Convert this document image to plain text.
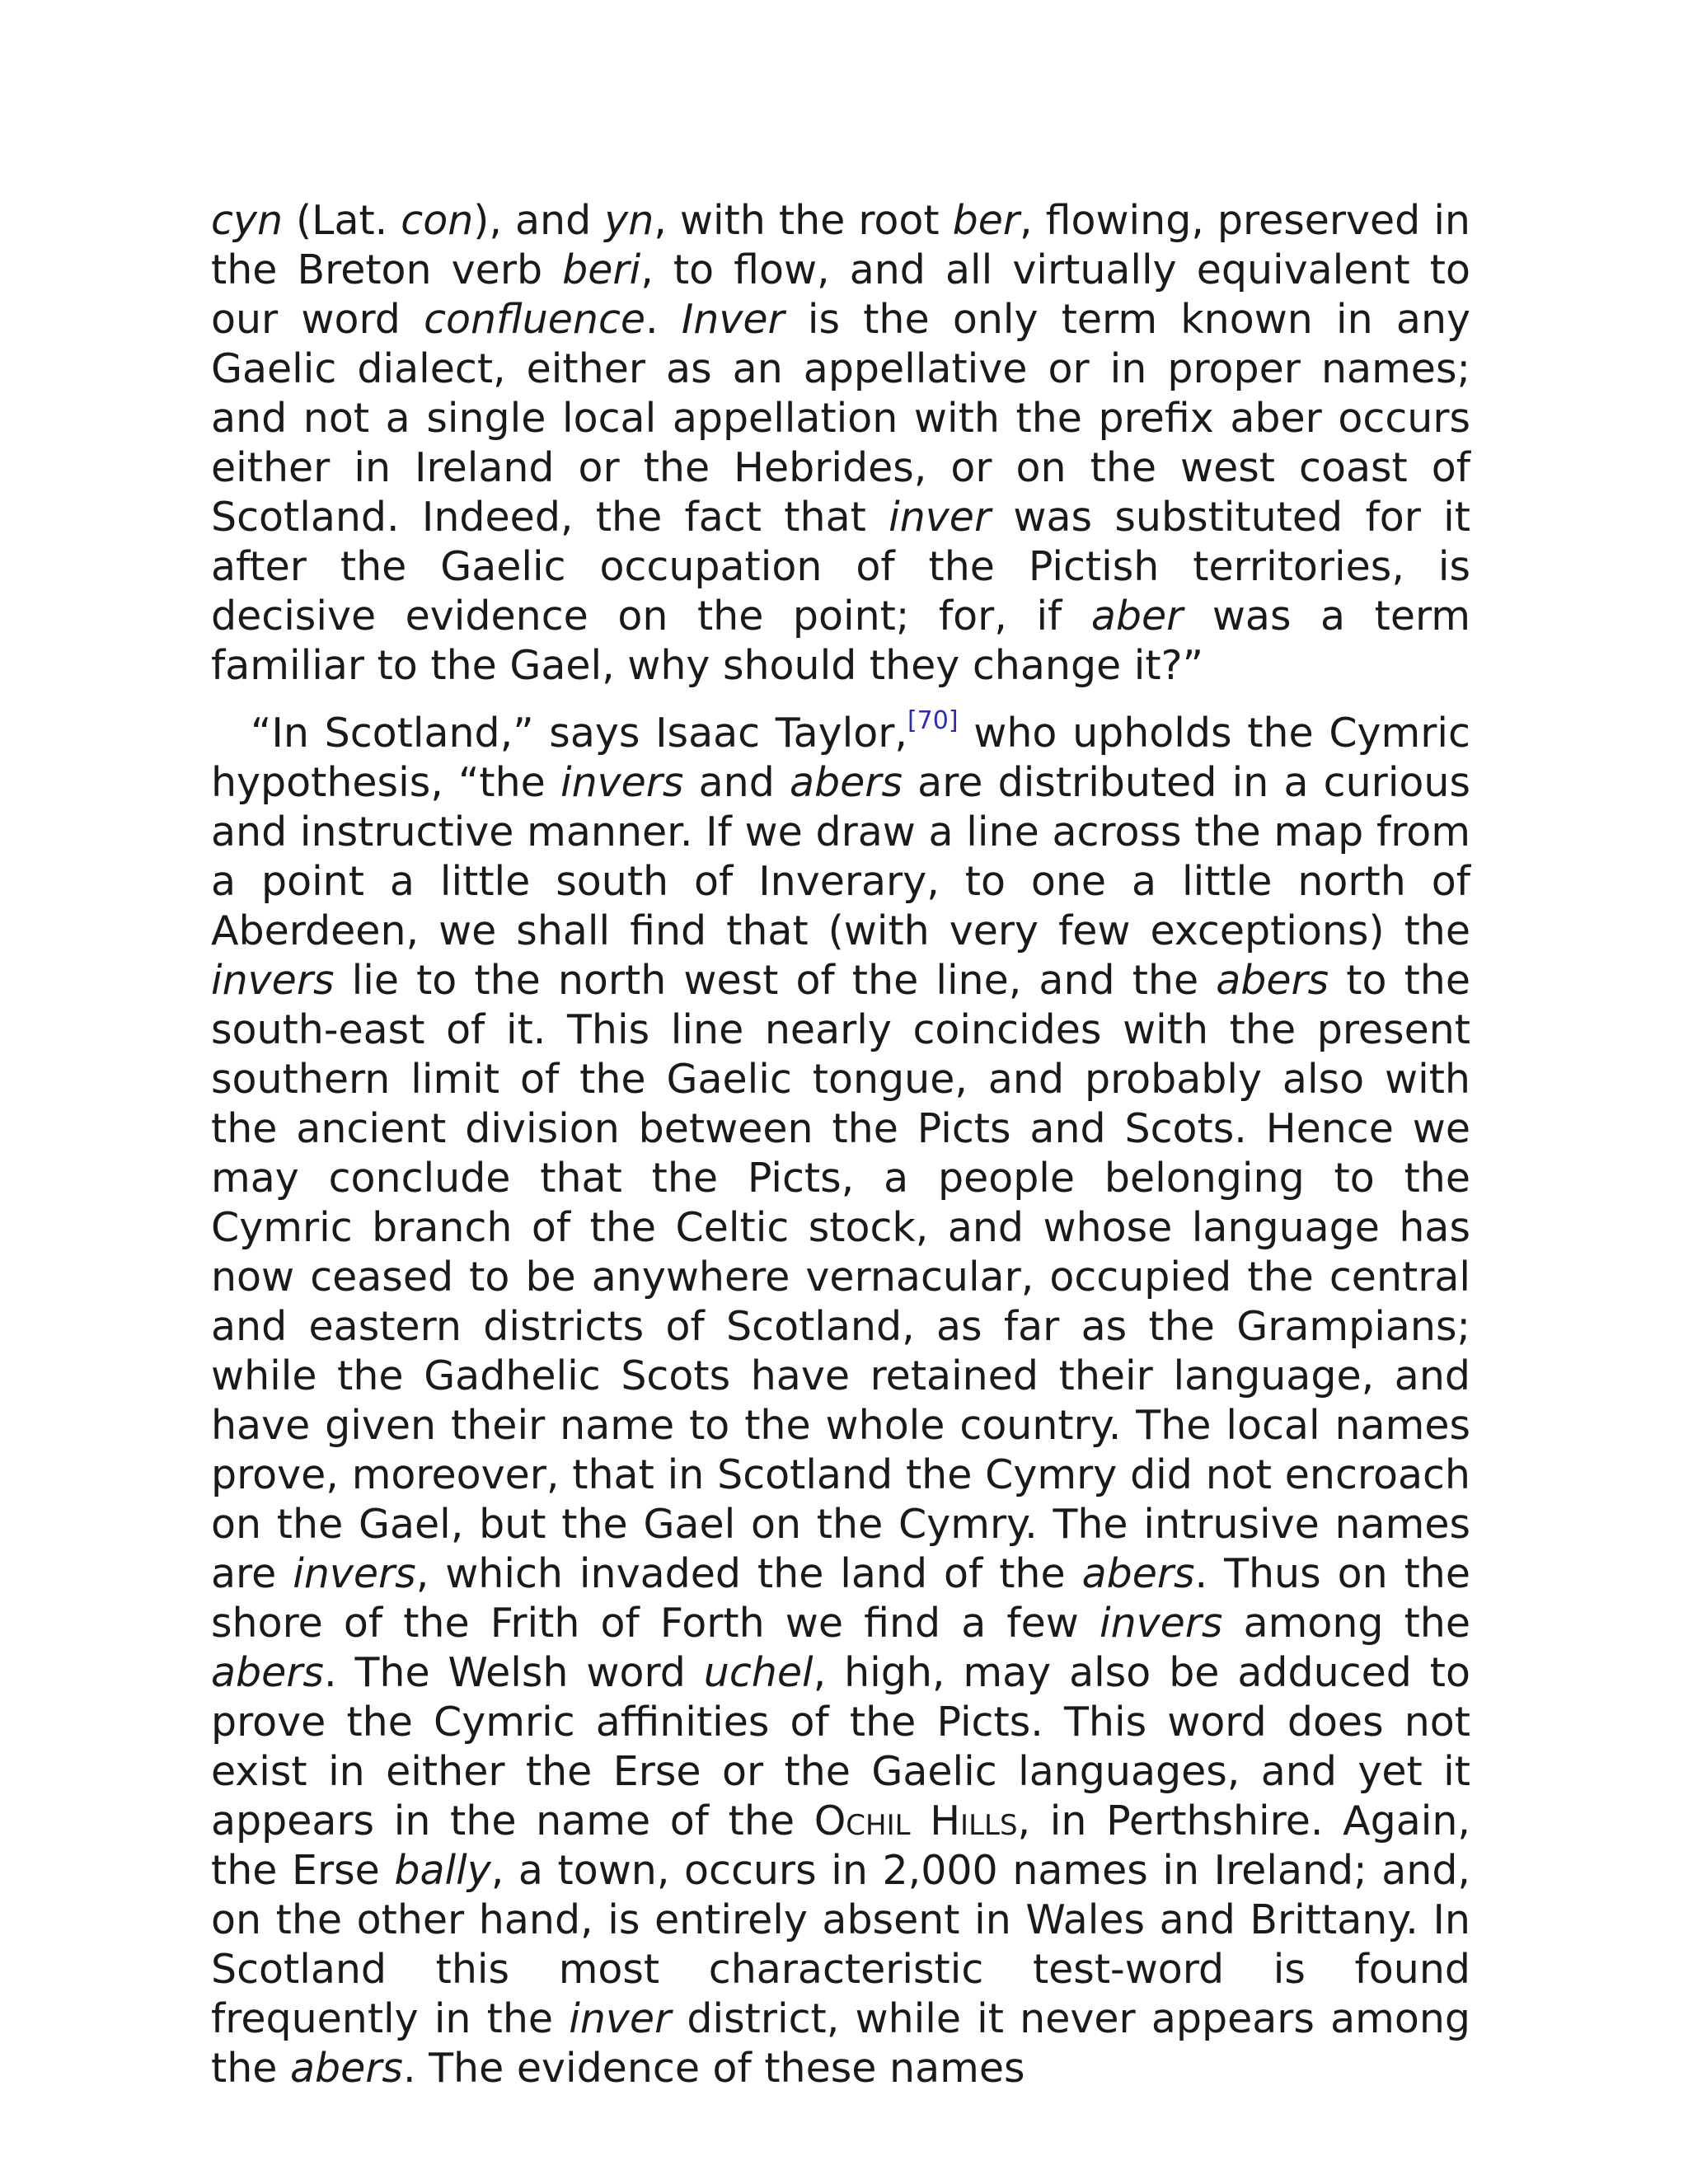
cyn (Lat. con), and yn, with the root ber, flowing, preserved in the Breton verb beri, to flow, and all virtually equivalent to our word confluence. Inver is the only term known in any Gaelic dialect, either as an appellative or in proper names; and not a single local appellation with the prefix aber occurs either in Ireland or the Hebrides, or on the west coast of Scotland. Indeed, the fact that inver was substituted for it after the Gaelic occupation of the Pictish territories, is decisive evidence on the point; for, if aber was a term familiar to the Gael, why should they change it?”

“In Scotland,” says Isaac Taylor,[70] who upholds the Cymric hypothesis, “the invers and abers are distributed in a curious and instructive manner. If we draw a line across the map from a point a little south of Inverary, to one a little north of Aberdeen, we shall find that (with very few exceptions) the invers lie to the north west of the line, and the abers to the south-east of it. This line nearly coincides with the present southern limit of the Gaelic tongue, and probably also with the ancient division between the Picts and Scots. Hence we may conclude that the Picts, a people belonging to the Cymric branch of the Celtic stock, and whose language has now ceased to be anywhere vernacular, occupied the central and eastern districts of Scotland, as far as the Grampians; while the Gadhelic Scots have retained their language, and have given their name to the whole country. The local names prove, moreover, that in Scotland the Cymry did not encroach on the Gael, but the Gael on the Cymry. The intrusive names are invers, which invaded the land of the abers. Thus on the shore of the Frith of Forth we find a few invers among the abers. The Welsh word uchel, high, may also be adduced to prove the Cymric affinities of the Picts. This word does not exist in either the Erse or the Gaelic languages, and yet it appears in the name of the Ochil Hills, in Perthshire. Again, the Erse bally, a town, occurs in 2,000 names in Ireland; and, on the other hand, is entirely absent in Wales and Brittany. In Scotland this most characteristic test-word is found frequently in the inver district, while it never appears among the abers. The evidence of these names
